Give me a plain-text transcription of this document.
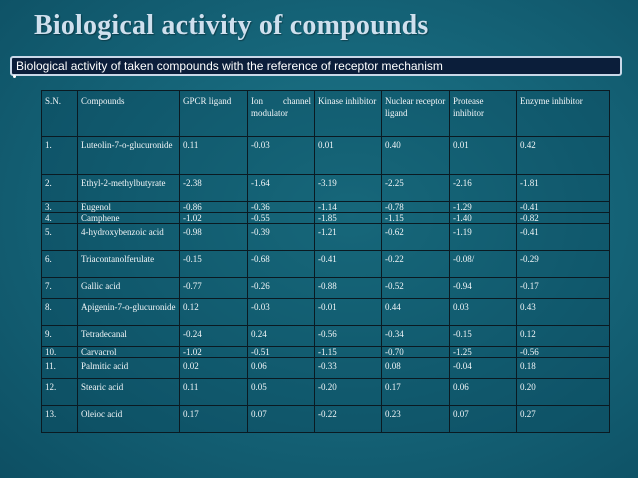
Biological activity of compounds
Biological activity of taken compounds with the reference of receptor mechanism
S.N.	Compounds	GPCR ligand	Ion channel modulator	Kinase inhibitor	Nuclear receptor ligand	Protease inhibitor	Enzyme inhibitor
1.	Luteolin-7-o-glucuronide	0.11	-0.03	0.01	0.40	0.01	0.42
2.	Ethyl-2-methylbutyrate	-2.38	-1.64	-3.19	-2.25	-2.16	-1.81
3.	Eugenol	-0.86	-0.36	-1.14	-0.78	-1.29	-0.41
4.	Camphene	-1.02	-0.55	-1.85	-1.15	-1.40	-0.82
5.	4-hydroxybenzoic acid	-0.98	-0.39	-1.21	-0.62	-1.19	-0.41
6.	Triacontanolferulate	-0.15	-0.68	-0.41	-0.22	-0.08/	-0.29
7.	Gallic acid	-0.77	-0.26	-0.88	-0.52	-0.94	-0.17
8.	Apigenin-7-o-glucuronide	0.12	-0.03	-0.01	0.44	0.03	0.43
9.	Tetradecanal	-0.24	0.24	-0.56	-0.34	-0.15	0.12
10.	Carvacrol	-1.02	-0.51	-1.15	-0.70	-1.25	-0.56
11.	Palmitic acid	0.02	0.06	-0.33	0.08	-0.04	0.18
12.	Stearic acid	0.11	0.05	-0.20	0.17	0.06	0.20
13.	Oleioc acid	0.17	0.07	-0.22	0.23	0.07	0.27
